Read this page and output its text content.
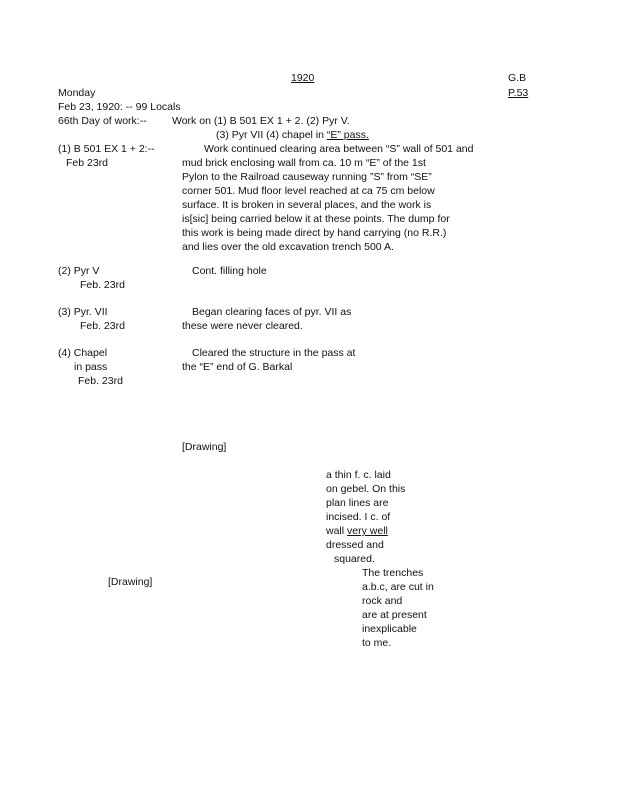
1920	G.B
P.53
Monday
Feb 23, 1920: -- 99 Locals
66th Day of work:-- Work on (1) B 501 EX 1 + 2. (2) Pyr V.
(3) Pyr VII (4) chapel in “E” pass.
(1) B 501 EX 1 + 2:--
Feb 23rd
Work continued clearing area between “S” wall of 501 and
mud brick enclosing wall from ca. 10 m “E” of the 1st
Pylon to the Railroad causeway running ”S” from “SE”
corner 501. Mud floor level reached at ca 75 cm below
surface. It is broken in several places, and the work is
is[sic] being carried below it at these points. The dump for
this work is being made direct by hand carrying (no R.R.)
and lies over the old excavation trench 500 A.
(2) Pyr V
Feb. 23rd
Cont. filling hole
(3) Pyr. VII
Feb. 23rd
Began clearing faces of pyr. VII as
these were never cleared.
(4) Chapel
in pass
Feb. 23rd
Cleared the structure in the pass at
the “E” end of G. Barkal
[Drawing]
[Drawing]
a thin f. c. laid
on gebel. On this
plan lines are
incised. I c. of
wall very well
dressed and
squared.
The trenches
a.b.c, are cut in
rock and
are at present
inexplicable
to me.
